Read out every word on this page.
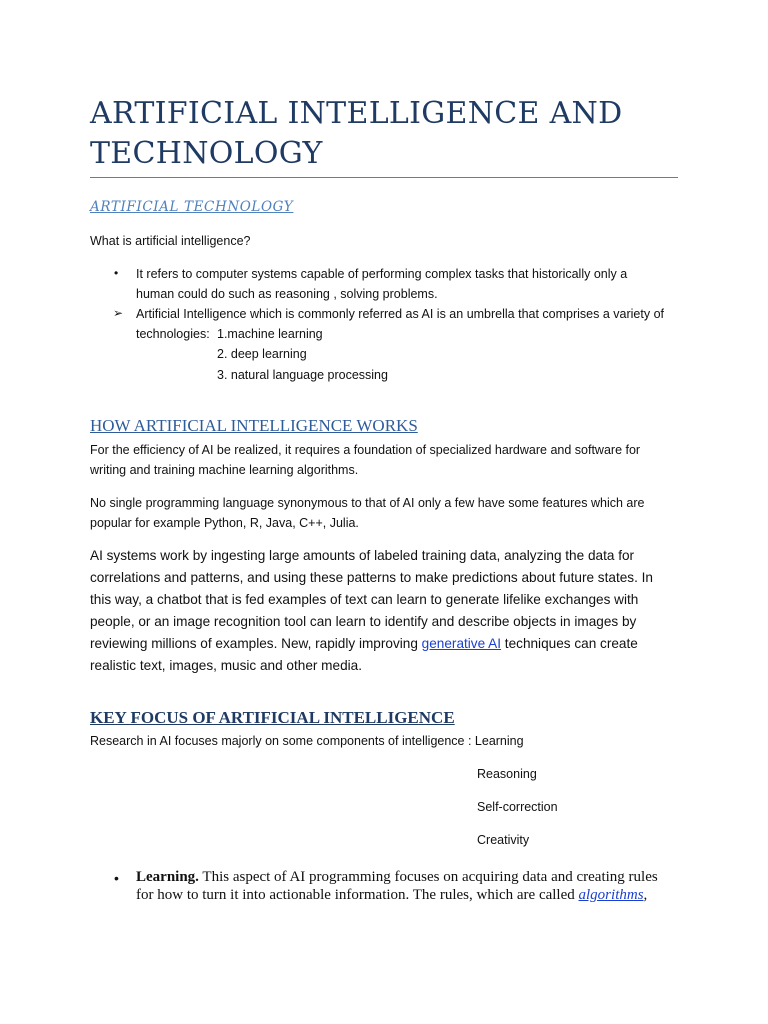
ARTIFICIAL INTELLIGENCE AND
TECHNOLOGY
ARTIFICIAL TECHNOLOGY
What is artificial intelligence?
• It refers to computer systems capable of performing complex tasks that historically only a
human could do such as reasoning , solving problems.
➢ Artificial Intelligence which is commonly referred as AI is an umbrella that comprises a variety of
technologies: 1.machine learning
2. deep learning
3. natural language processing
HOW ARTIFICIAL INTELLIGENCE WORKS
For the efficiency of AI be realized, it requires a foundation of specialized hardware and software for
writing and training machine learning algorithms.
No single programming language synonymous to that of AI only a few have some features which are
popular for example Python, R, Java, C++, Julia.
AI systems work by ingesting large amounts of labeled training data, analyzing the data for
correlations and patterns, and using these patterns to make predictions about future states. In
this way, a chatbot that is fed examples of text can learn to generate lifelike exchanges with
people, or an image recognition tool can learn to identify and describe objects in images by
reviewing millions of examples. New, rapidly improving generative AI techniques can create
realistic text, images, music and other media.
KEY FOCUS OF ARTIFICIAL INTELLIGENCE
Research in AI focuses majorly on some components of intelligence : Learning
Reasoning
Self-correction
Creativity
• Learning. This aspect of AI programming focuses on acquiring data and creating rules
for how to turn it into actionable information. The rules, which are called algorithms,
